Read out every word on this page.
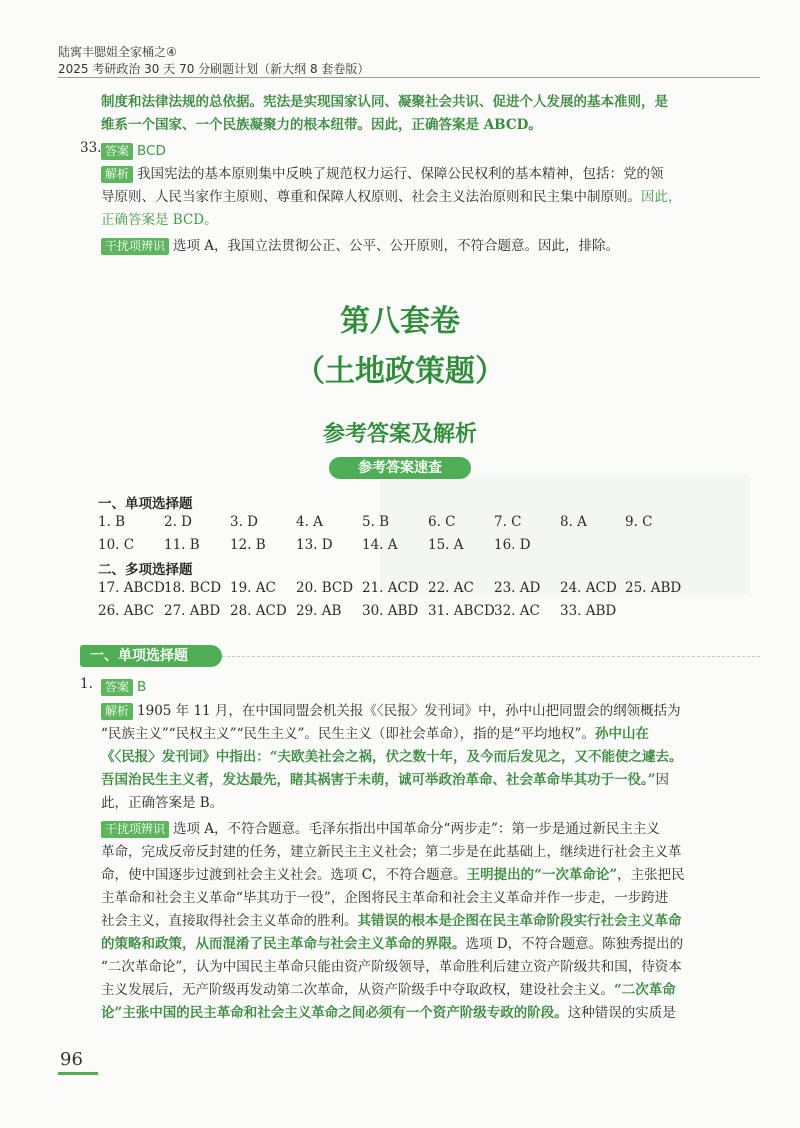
陆寓丰腮姐全家桶之④
2025 考研政治 30 天 70 分刷题计划（新大纲 8 套卷版）
制度和法律法规的总依据。宪法是实现国家认同、凝聚社会共识、促进个人发展的基本准则，是
维系一个国家、一个民族凝聚力的根本纽带。因此，正确答案是 ABCD。
33. 答案 BCD
解析 我国宪法的基本原则集中反映了规范权力运行、保障公民权利的基本精神，包括：党的领
导原则、人民当家作主原则、尊重和保障人权原则、社会主义法治原则和民主集中制原则。因此，
正确答案是 BCD。
干扰项辨识 选项 A，我国立法贯彻公正、公平、公开原则，不符合题意。因此，排除。
第八套卷
（土地政策题）
参考答案及解析
参考答案速查
一、单项选择题
1. B	2. D	3. D	4. A	5. B	6. C	7. C	8. A	9. C
10. C 11. B 12. B 13. D 14. A 15. A 16. D
二、多项选择题
17. ABCD 18. BCD 19. AC 20. BCD 21. ACD 22. AC 23. AD 24. ACD 25. ABD
26. ABC 27. ABD 28. ACD 29. AB 30. ABD 31. ABCD 32. AC 33. ABD
一、单项选择题
1.	答案 B
解析 1905 年 11 月，在中国同盟会机关报《〈民报〉发刊词》中，孙中山把同盟会的纲领概括为
“民族主义”“民权主义”“民生主义”。民生主义（即社会革命），指的是“平均地权”。孙中山在
《〈民报〉发刊词》中指出：“夫欧美社会之祸，伏之数十年，及今而后发见之，又不能使之遽去。
吾国治民生主义者，发达最先，睹其祸害于未萌，诚可举政治革命、社会革命毕其功于一役。”因
此，正确答案是 B。
干扰项辨识 选项 A，不符合题意。毛泽东指出中国革命分“两步走”：第一步是通过新民主主义
革命，完成反帝反封建的任务，建立新民主主义社会；第二步是在此基础上，继续进行社会主义革
命，使中国逐步过渡到社会主义社会。选项 C，不符合题意。王明提出的“一次革命论”，主张把民
主革命和社会主义革命“毕其功于一役”，企图将民主革命和社会主义革命并作一步走，一步跨进
社会主义，直接取得社会主义革命的胜利。其错误的根本是企图在民主革命阶段实行社会主义革命
的策略和政策，从而混淆了民主革命与社会主义革命的界限。选项 D，不符合题意。陈独秀提出的
“二次革命论”，认为中国民主革命只能由资产阶级领导，革命胜利后建立资产阶级共和国，待资本
主义发展后，无产阶级再发动第二次革命，从资产阶级手中夺取政权，建设社会主义。“二次革命
论”主张中国的民主革命和社会主义革命之间必须有一个资产阶级专政的阶段。这种错误的实质是
96
